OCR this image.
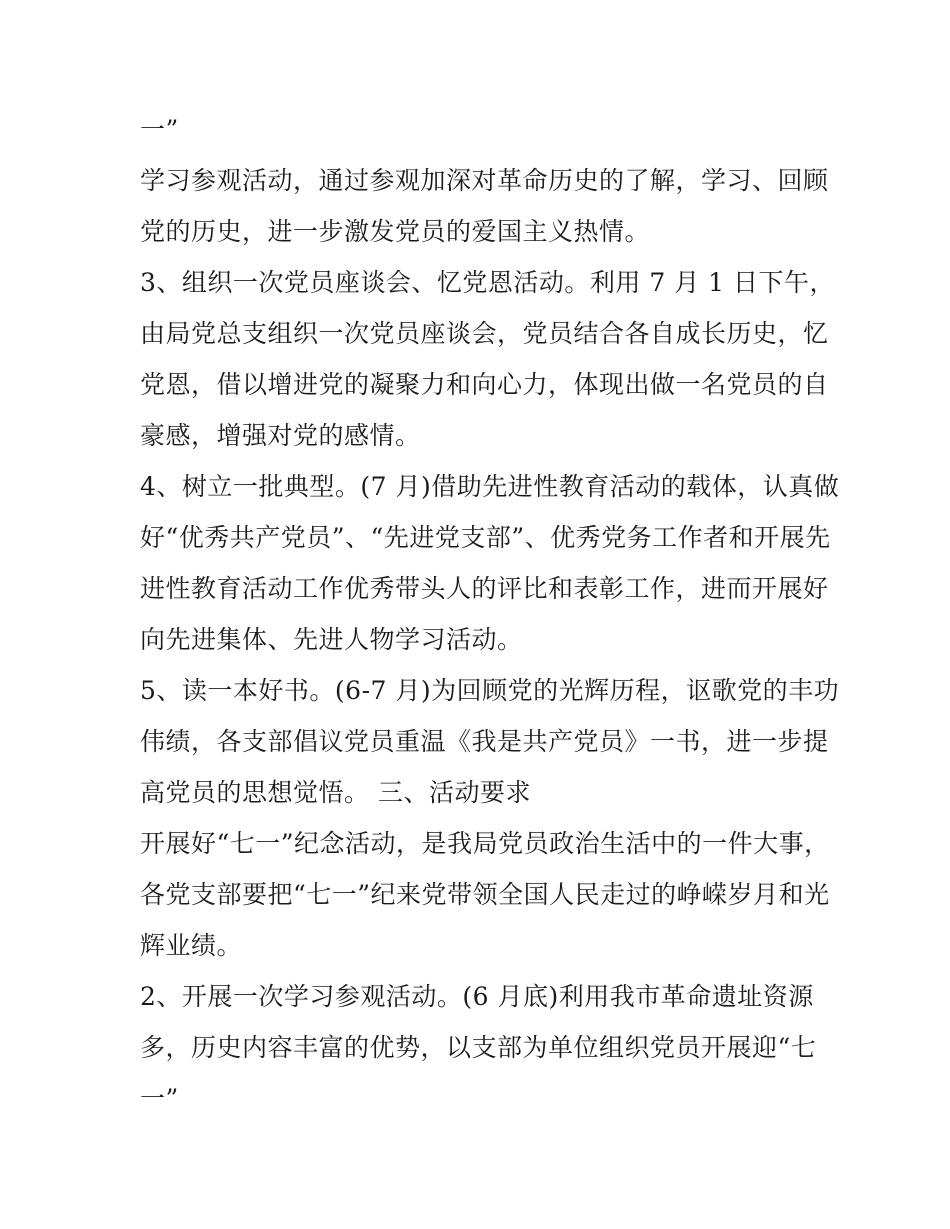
一”
学习参观活动，通过参观加深对革命历史的了解，学习、回顾
党的历史，进一步激发党员的爱国主义热情。
3、组织一次党员座谈会、忆党恩活动。利用 7 月 1 日下午，
由局党总支组织一次党员座谈会，党员结合各自成长历史，忆
党恩，借以增进党的凝聚力和向心力，体现出做一名党员的自
豪感，增强对党的感情。
4、树立一批典型。(7 月)借助先进性教育活动的载体，认真做
好“优秀共产党员”、“先进党支部”、优秀党务工作者和开展先
进性教育活动工作优秀带头人的评比和表彰工作，进而开展好
向先进集体、先进人物学习活动。
5、读一本好书。(6-7 月)为回顾党的光辉历程，讴歌党的丰功
伟绩，各支部倡议党员重温《我是共产党员》一书，进一步提
高党员的思想觉悟。 三、活动要求
开展好“七一”纪念活动，是我局党员政治生活中的一件大事，
各党支部要把“七一”纪来党带领全国人民走过的峥嵘岁月和光
辉业绩。
2、开展一次学习参观活动。(6 月底)利用我市革命遗址资源
多，历史内容丰富的优势，以支部为单位组织党员开展迎“七
一”
